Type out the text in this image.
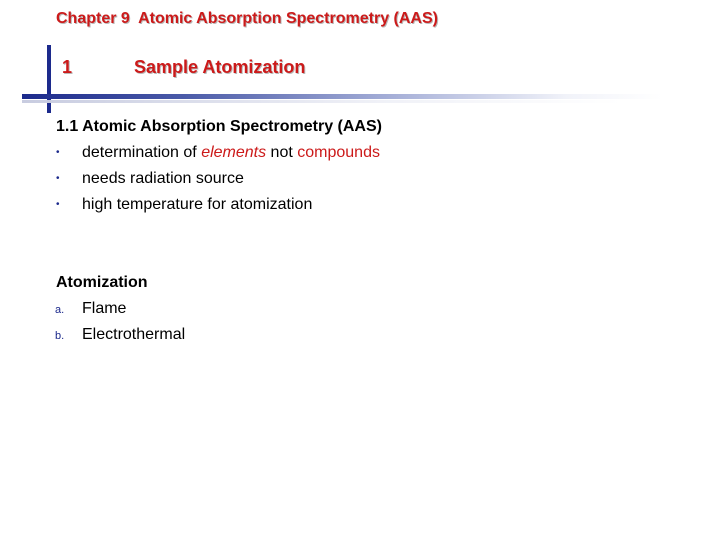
Chapter 9  Atomic Absorption Spectrometry (AAS)
1	Sample Atomization
1.1 Atomic Absorption Spectrometry (AAS)
• determination of elements not compounds
• needs radiation source
• high temperature for atomization
Atomization
a. Flame
b. Electrothermal
